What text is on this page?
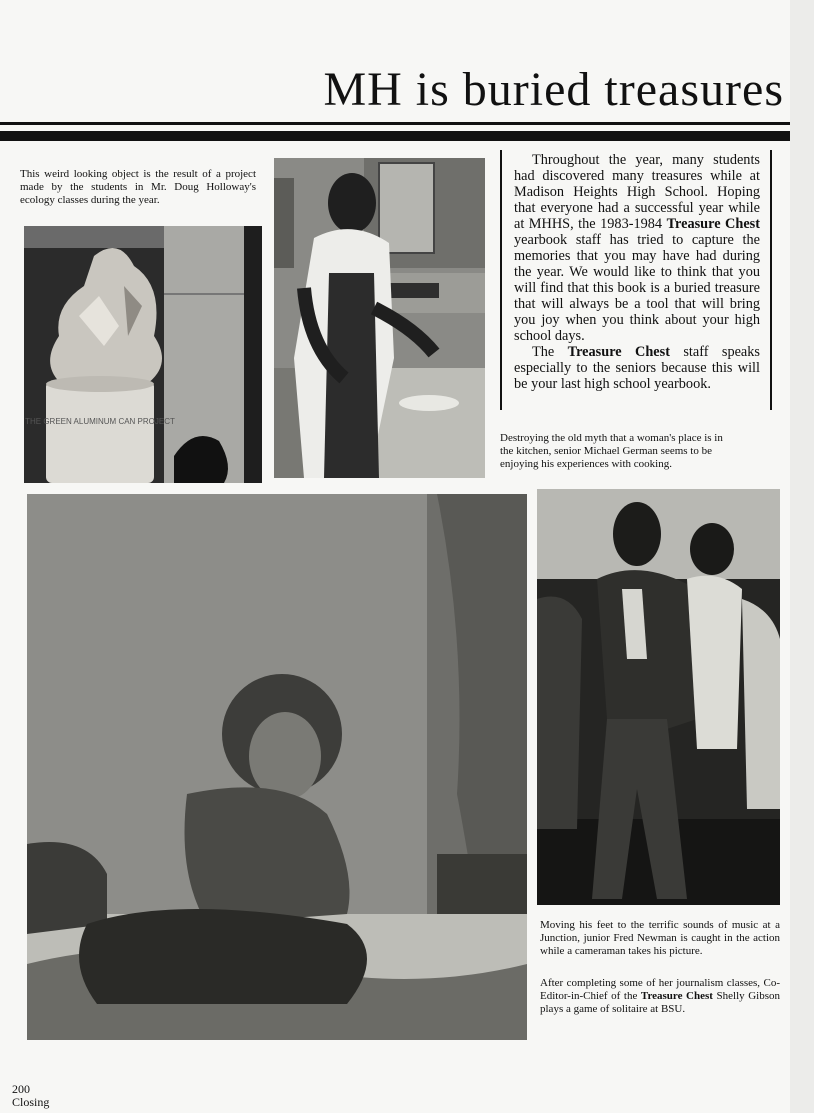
MH is buried treasures
This weird looking object is the result of a project made by the students in Mr. Doug Holloway's ecology classes during the year.
THE GREEN ALUMINUM CAN PROJECT

Throughout the year, many students had discovered many treasures while at Madison Heights High School. Hoping that everyone had a successful year while at MHHS, the 1983-1984 Treasure Chest yearbook staff has tried to capture the memories that you may have had during the year. We would like to think that you will find that this book is a buried treasure that will always be a tool that will bring you joy when you think about your high school days.

The Treasure Chest staff speaks especially to the seniors because this will be your last high school yearbook.

Destroying the old myth that a woman's place is in the kitchen, senior Michael German seems to be enjoying his experiences with cooking.
Moving his feet to the terrific sounds of music at a Junction, junior Fred Newman is caught in the action while a cameraman takes his picture.
After completing some of her journalism classes, Co-Editor-in-Chief of the Treasure Chest Shelly Gibson plays a game of solitaire at BSU.
200
Closing
